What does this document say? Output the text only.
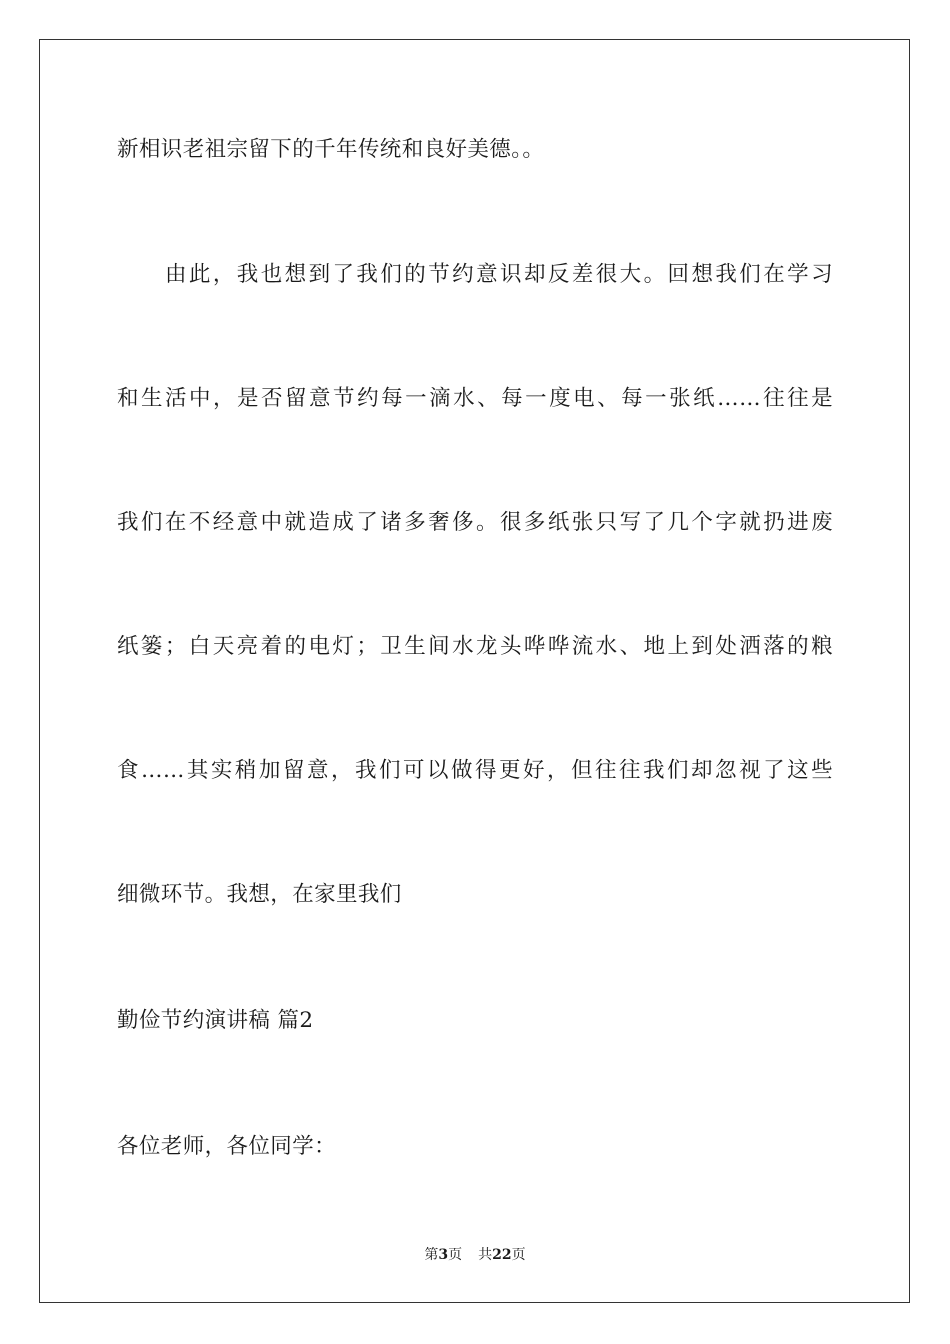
新相识老祖宗留下的千年传统和良好美德。。
由此，我也想到了我们的节约意识却反差很大。回想我们在学习
和生活中，是否留意节约每一滴水、每一度电、每一张纸……往往是
我们在不经意中就造成了诸多奢侈。很多纸张只写了几个字就扔进废
纸篓；白天亮着的电灯；卫生间水龙头哗哗流水、地上到处洒落的粮
食……其实稍加留意，我们可以做得更好，但往往我们却忽视了这些
细微环节。我想，在家里我们
勤俭节约演讲稿 篇2
各位老师，各位同学：
第3页 共22页
